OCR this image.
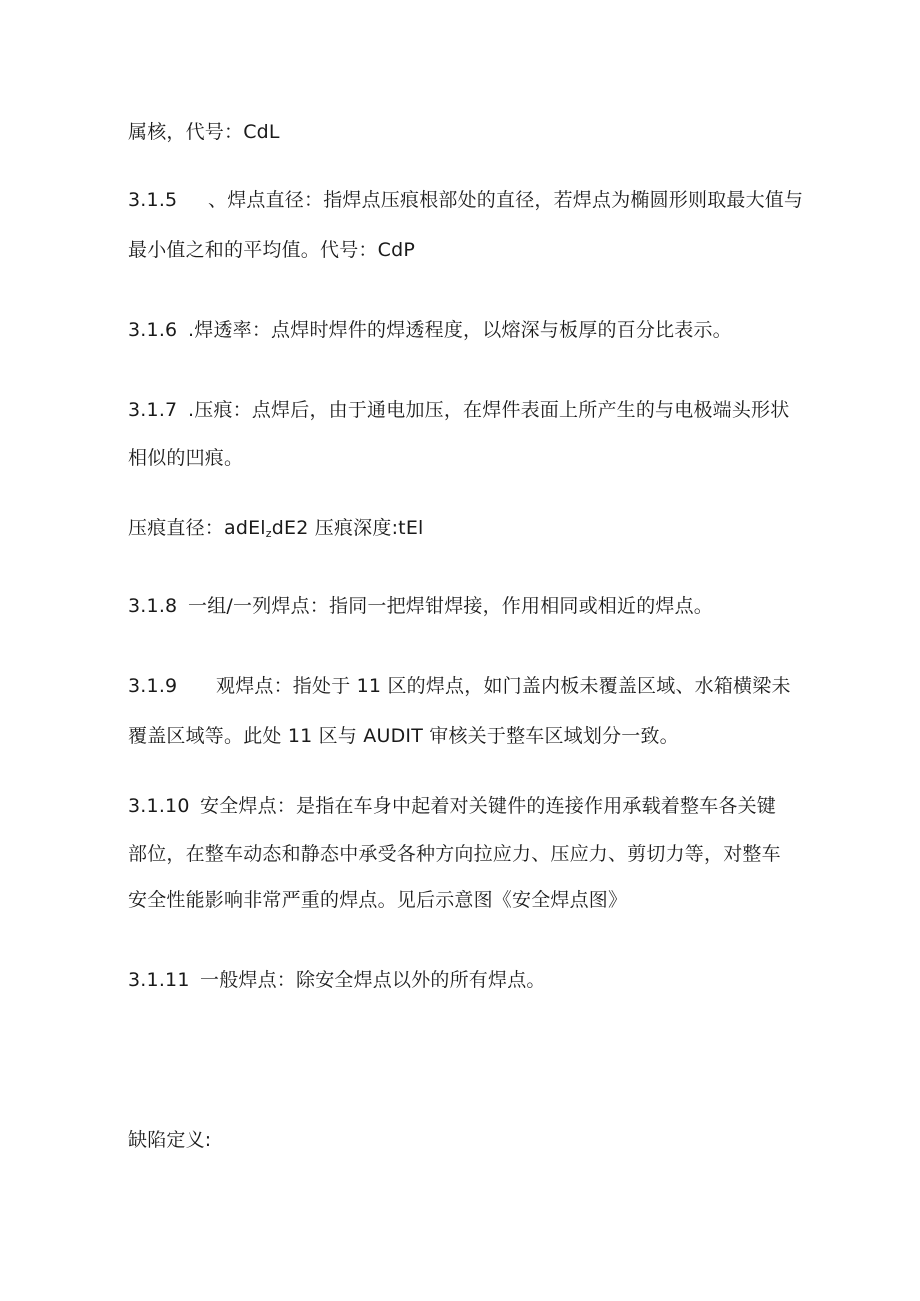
属核，代号：CdL
3.1.5 、焊点直径：指焊点压痕根部处的直径，若焊点为椭圆形则取最大值与
最小值之和的平均值。代号：CdP
3.1.6 .焊透率：点焊时焊件的焊透程度，以熔深与板厚的百分比表示。
3.1.7 .压痕：点焊后，由于通电加压，在焊件表面上所产生的与电极端头形状
相似的凹痕。
压痕直径：adEl$_z$dE2 压痕深度:tEl
3.1.8 一组/一列焊点：指同一把焊钳焊接，作用相同或相近的焊点。
3.1.9 观焊点：指处于 11 区的焊点，如门盖内板未覆盖区域、水箱横梁未
覆盖区域等。此处 11 区与 AUDIT 审核关于整车区域划分一致。
3.1.10 安全焊点：是指在车身中起着对关键件的连接作用承载着整车各关键
部位，在整车动态和静态中承受各种方向拉应力、压应力、剪切力等，对整车
安全性能影响非常严重的焊点。见后示意图《安全焊点图》
3.1.11 一般焊点：除安全焊点以外的所有焊点。
缺陷定义:
